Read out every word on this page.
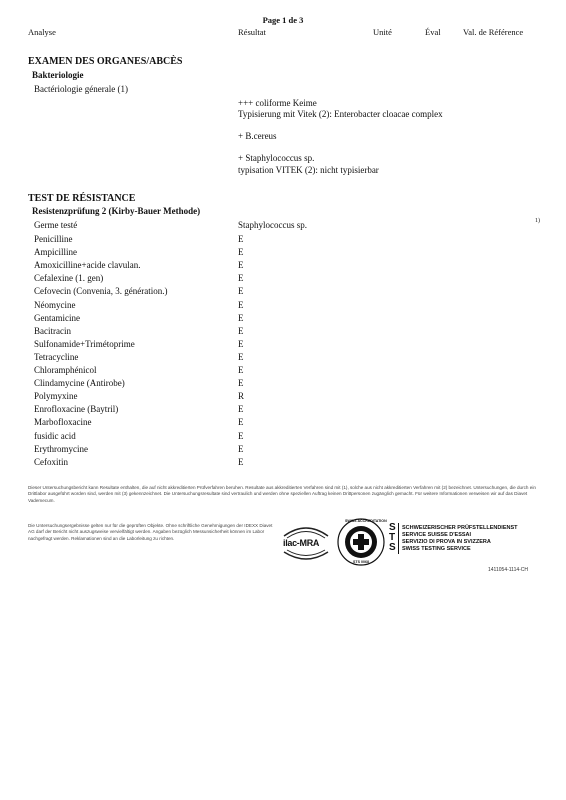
Page 1 de 3
Analyse	Résultat	Unité	Éval	Val. de Référence
EXAMEN DES ORGANES/ABCÈS
Bakteriologie
Bactériologie génerale (1)
+++ coliforme Keime
Typisierung mit Vitek (2): Enterobacter cloacae complex
+ B.cereus
+ Staphylococcus sp.
typisation VITEK (2): nicht typisierbar
TEST DE RÉSISTANCE
Resistenzprüfung 2 (Kirby-Bauer Methode)
Germe testé	Staphylococcus sp.	1)
Penicilline	E
Ampicilline	E
Amoxicilline+acide clavulan.	E
Cefalexine (1. gen)	E
Cefovecin (Convenia, 3. génération.)	E
Néomycine	E
Gentamicine	E
Bacitracin	E
Sulfonamide+Trimétoprime	E
Tetracycline	E
Chloramphénicol	E
Clindamycine (Antirobe)	E
Polymyxine	R
Enrofloxacine (Baytril)	E
Marbofloxacine	E
fusidic acid	E
Erythromycine	E
Cefoxitin	E
Dieser Untersuchungsbericht kann Resultate enthalten, die auf nicht akkreditierten Prüfverfahren beruhen. Resultate aus akkreditierten Verfahren sind mit (1), solche aus nicht akkreditierten Verfahren mit (2) bezeichnet. Untersuchungen, die durch ein Drittlabor ausgeführt worden sind, werden mit (3) gekennzeichnet. Die Untersuchungsresultate sind vertraulich und werden ohne speziellen Auftrag keinen Drittpersonen zugänglich gemacht. Für weitere Informationen verweisen wir auf das Diavet Vademecum.
Die Untersuchungsergebnisse gelten nur für die geprüften Objekte. Ohne schriftliche Genehmigungen der IDEXX Diavet AG darf der Bericht nicht auszugsweise vervielfältigt werden. Angaben bezüglich Messunsicherheit können im Labor nachgefragt werden. Reklamationen sind an die Laborleitung zu richten.	ilac-MRA
SWISS ACCREDITATION
STS 0068
S
T
S
SCHWEIZERISCHER PRÜFSTELLENDIENST
SERVICE SUISSE D'ESSAI
SERVIZIO DI PROVA IN SVIZZERA
SWISS TESTING SERVICE
1411054-1114-CH
